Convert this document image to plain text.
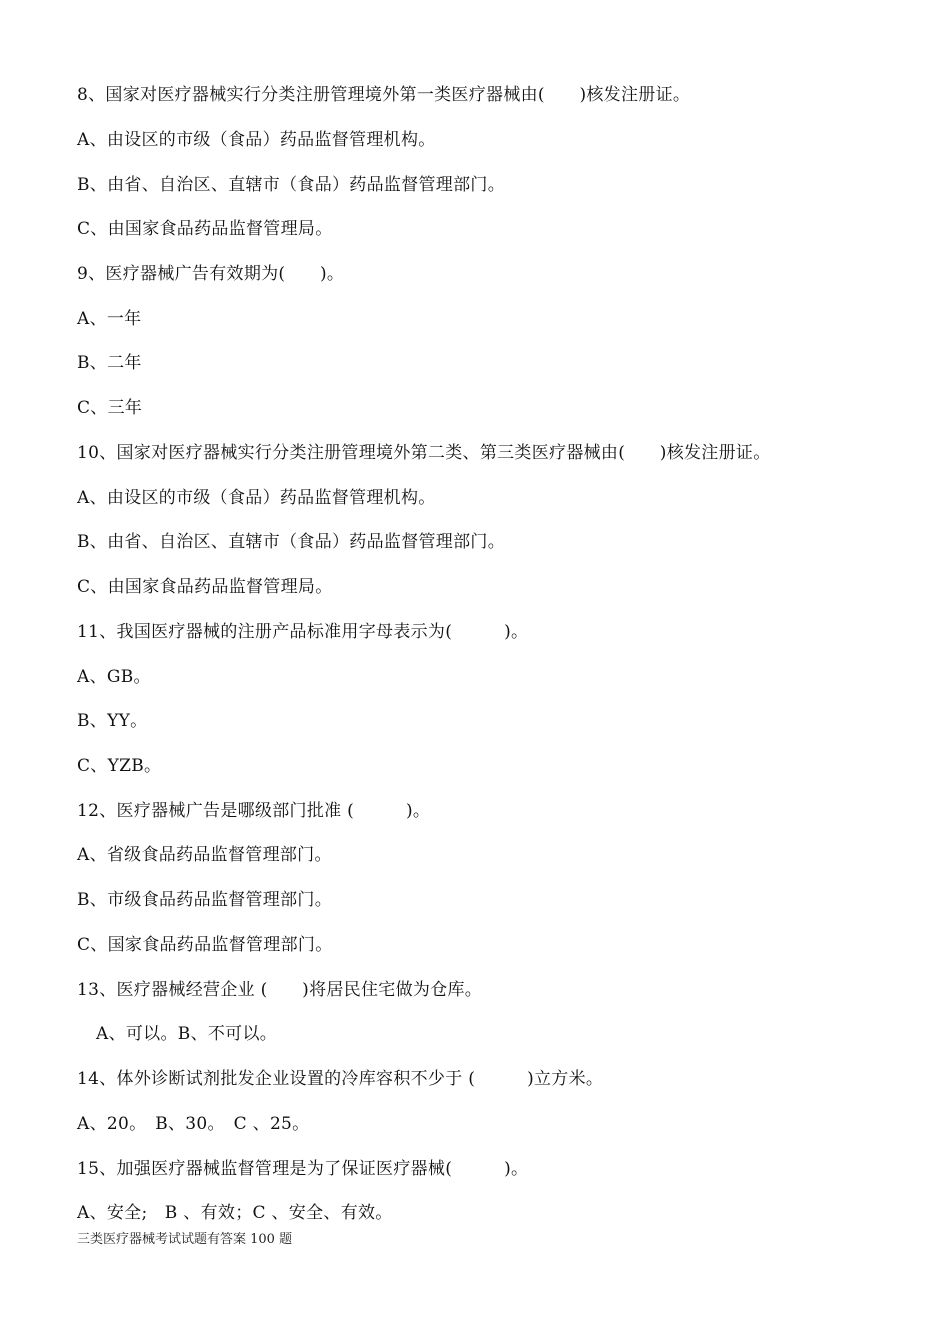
8、国家对医疗器械实行分类注册管理境外第一类医疗器械由(　　)核发注册证。
A、由设区的市级（食品）药品监督管理机构。
B、由省、自治区、直辖市（食品）药品监督管理部门。
C、由国家食品药品监督管理局。
9、医疗器械广告有效期为(　　)。
A、一年
B、二年
C、三年
10、国家对医疗器械实行分类注册管理境外第二类、第三类医疗器械由(　　)核发注册证。
A、由设区的市级（食品）药品监督管理机构。
B、由省、自治区、直辖市（食品）药品监督管理部门。
C、由国家食品药品监督管理局。
11、我国医疗器械的注册产品标准用字母表示为(　　　)。
A、GB。
B、YY。
C、YZB。
12、医疗器械广告是哪级部门批准 (　　　)。
A、省级食品药品监督管理部门。
B、市级食品药品监督管理部门。
C、国家食品药品监督管理部门。
13、医疗器械经营企业 (　　)将居民住宅做为仓库。
A、可以。B、不可以。
14、体外诊断试剂批发企业设置的冷库容积不少于 (　　　)立方米。
A、20。　B、30。　C 、25。
15、加强医疗器械监督管理是为了保证医疗器械(　　　)。
A、安全;　B 、有效；C 、安全、有效。
三类医疗器械考试试题有答案 100 题
